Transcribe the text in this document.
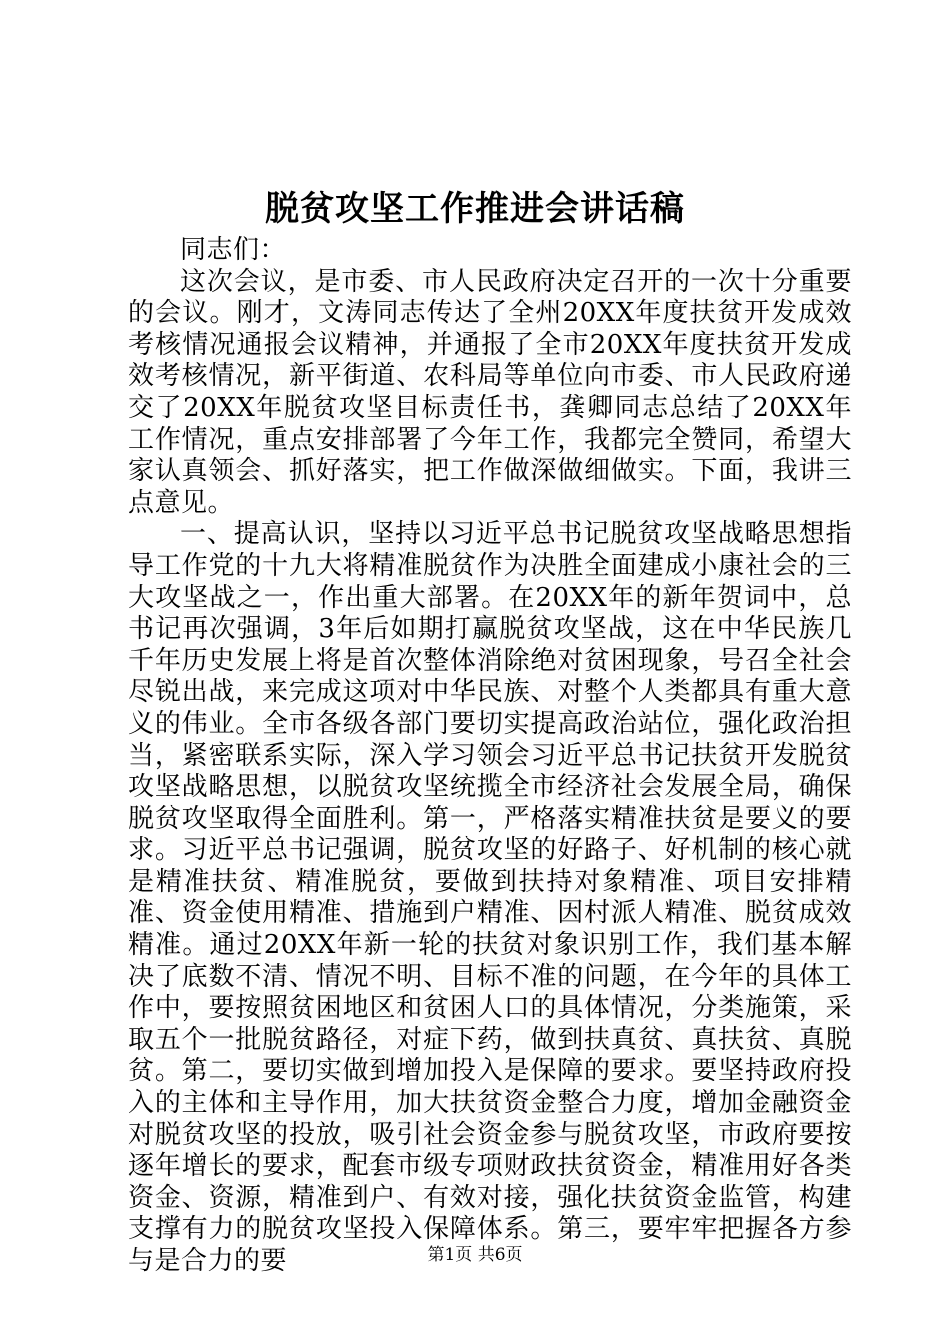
脱贫攻坚工作推进会讲话稿

同志们：

这次会议，是市委、市人民政府决定召开的一次十分重要的会议。刚才，文涛同志传达了全州20XX年度扶贫开发成效考核情况通报会议精神，并通报了全市20XX年度扶贫开发成效考核情况，新平街道、农科局等单位向市委、市人民政府递交了20XX年脱贫攻坚目标责任书，龚卿同志总结了20XX年工作情况，重点安排部署了今年工作，我都完全赞同，希望大家认真领会、抓好落实，把工作做深做细做实。下面，我讲三点意见。

一、提高认识，坚持以习近平总书记脱贫攻坚战略思想指导工作党的十九大将精准脱贫作为决胜全面建成小康社会的三大攻坚战之一，作出重大部署。在20XX年的新年贺词中，总书记再次强调，3年后如期打赢脱贫攻坚战，这在中华民族几千年历史发展上将是首次整体消除绝对贫困现象，号召全社会尽锐出战，来完成这项对中华民族、对整个人类都具有重大意义的伟业。全市各级各部门要切实提高政治站位，强化政治担当，紧密联系实际，深入学习领会习近平总书记扶贫开发脱贫攻坚战略思想，以脱贫攻坚统揽全市经济社会发展全局，确保脱贫攻坚取得全面胜利。第一，严格落实精准扶贫是要义的要求。习近平总书记强调，脱贫攻坚的好路子、好机制的核心就是精准扶贫、精准脱贫，要做到扶持对象精准、项目安排精准、资金使用精准、措施到户精准、因村派人精准、脱贫成效精准。通过20XX年新一轮的扶贫对象识别工作，我们基本解决了底数不清、情况不明、目标不准的问题，在今年的具体工作中，要按照贫困地区和贫困人口的具体情况，分类施策，采取五个一批脱贫路径，对症下药，做到扶真贫、真扶贫、真脱贫。第二，要切实做到增加投入是保障的要求。要坚持政府投入的主体和主导作用，加大扶贫资金整合力度，增加金融资金对脱贫攻坚的投放，吸引社会资金参与脱贫攻坚，市政府要按逐年增长的要求，配套市级专项财政扶贫资金，精准用好各类资金、资源，精准到户、有效对接，强化扶贫资金监管，构建支撑有力的脱贫攻坚投入保障体系。第三，要牢牢把握各方参与是合力的要	第1页 共6页
